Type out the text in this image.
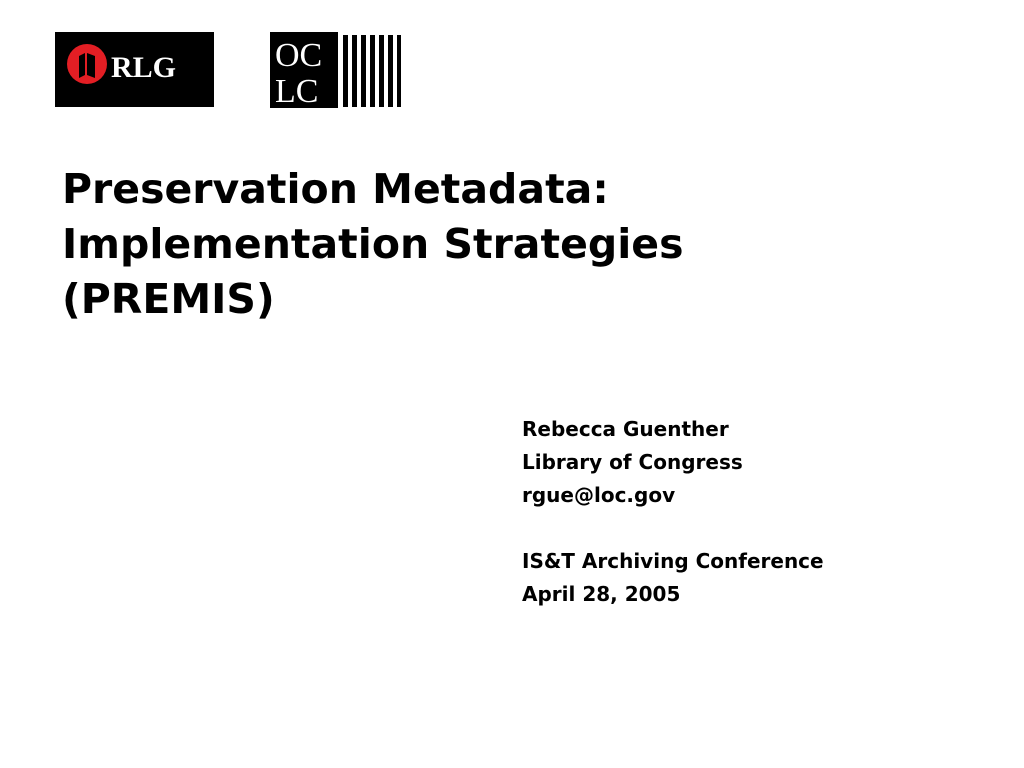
RLG	OC
LC
Preservation Metadata:
Implementation Strategies
(PREMIS)
Rebecca Guenther
Library of Congress
rgue@loc.gov
IS&T Archiving Conference
April 28, 2005
